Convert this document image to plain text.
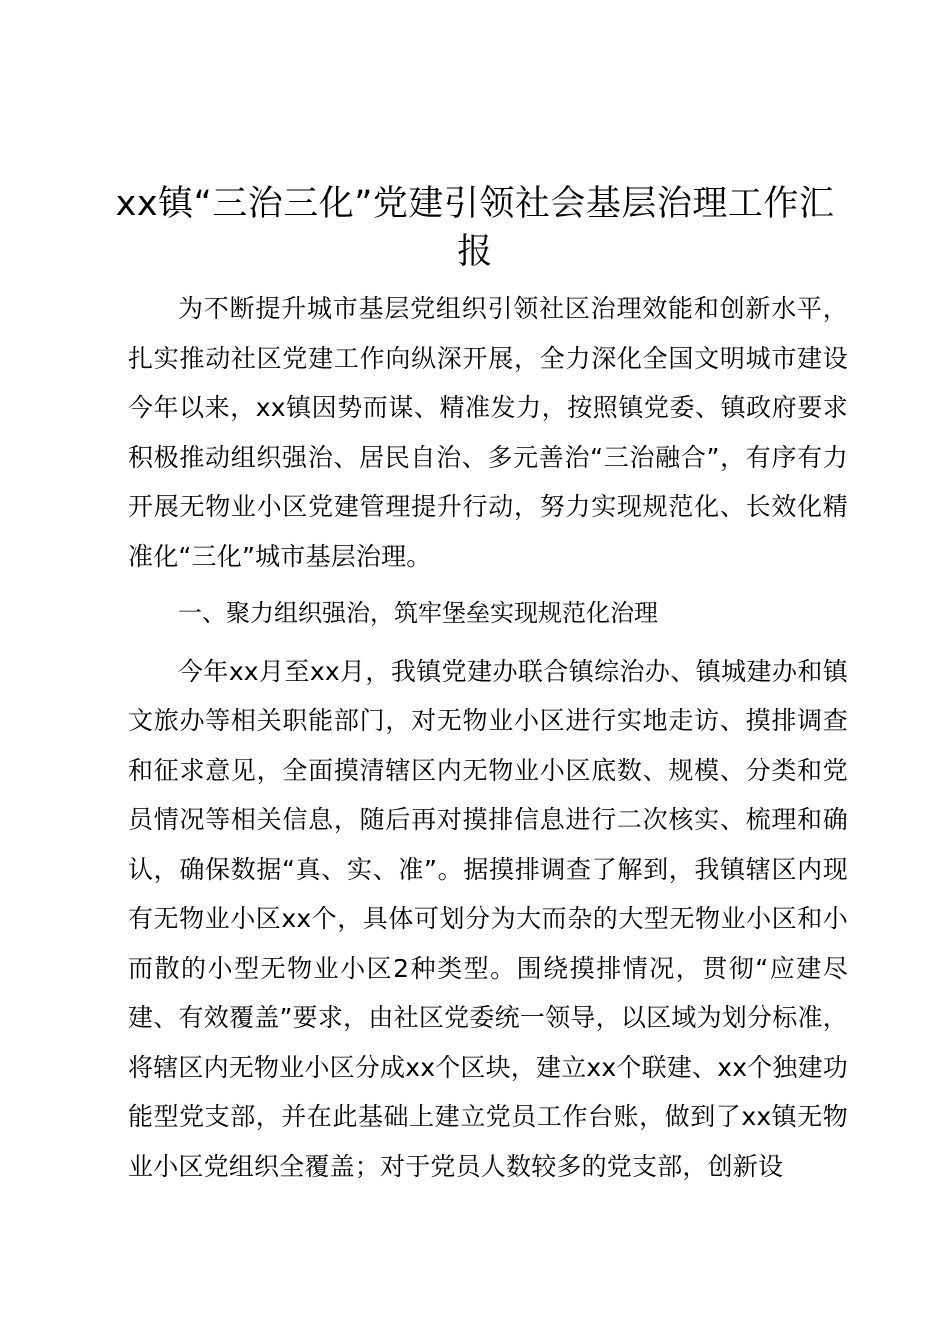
xx镇“三治三化”党建引领社会基层治理工作汇报

为不断提升城市基层党组织引领社区治理效能和创新水平，扎实推动社区党建工作向纵深开展，全力深化全国文明城市建设今年以来，xx镇因势而谋、精准发力，按照镇党委、镇政府要求积极推动组织强治、居民自治、多元善治“三治融合”，有序有力开展无物业小区党建管理提升行动，努力实现规范化、长效化精准化“三化”城市基层治理。

一、聚力组织强治，筑牢堡垒实现规范化治理

今年xx月至xx月，我镇党建办联合镇综治办、镇城建办和镇文旅办等相关职能部门，对无物业小区进行实地走访、摸排调查和征求意见，全面摸清辖区内无物业小区底数、规模、分类和党员情况等相关信息，随后再对摸排信息进行二次核实、梳理和确认，确保数据“真、实、准”。据摸排调查了解到，我镇辖区内现有无物业小区xx个，具体可划分为大而杂的大型无物业小区和小而散的小型无物业小区2种类型。围绕摸排情况，贯彻“应建尽建、有效覆盖”要求，由社区党委统一领导，以区域为划分标准，将辖区内无物业小区分成xx个区块，建立xx个联建、xx个独建功能型党支部，并在此基础上建立党员工作台账，做到了xx镇无物业小区党组织全覆盖；对于党员人数较多的党支部，创新设
